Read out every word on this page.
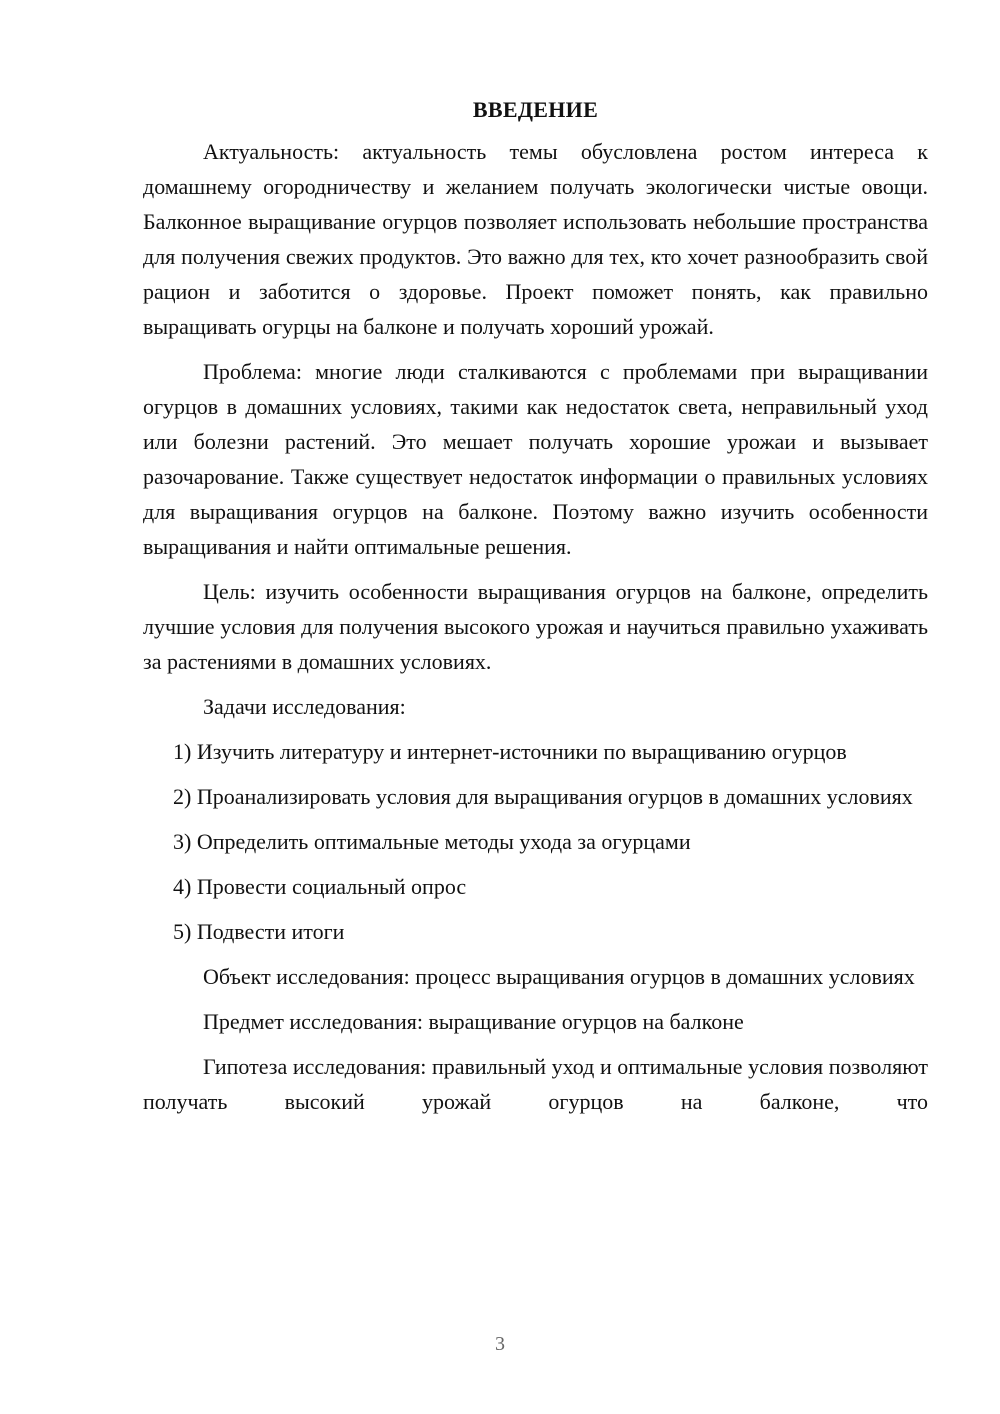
ВВЕДЕНИЕ

Актуальность: актуальность темы обусловлена ростом интереса к домашнему огородничеству и желанием получать экологически чистые овощи. Балконное выращивание огурцов позволяет использовать небольшие пространства для получения свежих продуктов. Это важно для тех, кто хочет разнообразить свой рацион и заботится о здоровье. Проект поможет понять, как правильно выращивать огурцы на балконе и получать хороший урожай.

Проблема: многие люди сталкиваются с проблемами при выращивании огурцов в домашних условиях, такими как недостаток света, неправильный уход или болезни растений. Это мешает получать хорошие урожаи и вызывает разочарование. Также существует недостаток информации о правильных условиях для выращивания огурцов на балконе. Поэтому важно изучить особенности выращивания и найти оптимальные решения.

Цель: изучить особенности выращивания огурцов на балконе, определить лучшие условия для получения высокого урожая и научиться правильно ухаживать за растениями в домашних условиях.

Задачи исследования:

1) Изучить литературу и интернет-источники по выращиванию огурцов

2) Проанализировать условия для выращивания огурцов в домашних условиях

3) Определить оптимальные методы ухода за огурцами

4) Провести социальный опрос

5) Подвести итоги

Объект исследования: процесс выращивания огурцов в домашних условиях

Предмет исследования: выращивание огурцов на балконе

Гипотеза исследования: правильный уход и оптимальные условия позволяют получать высокий урожай огурцов на балконе, что

3
